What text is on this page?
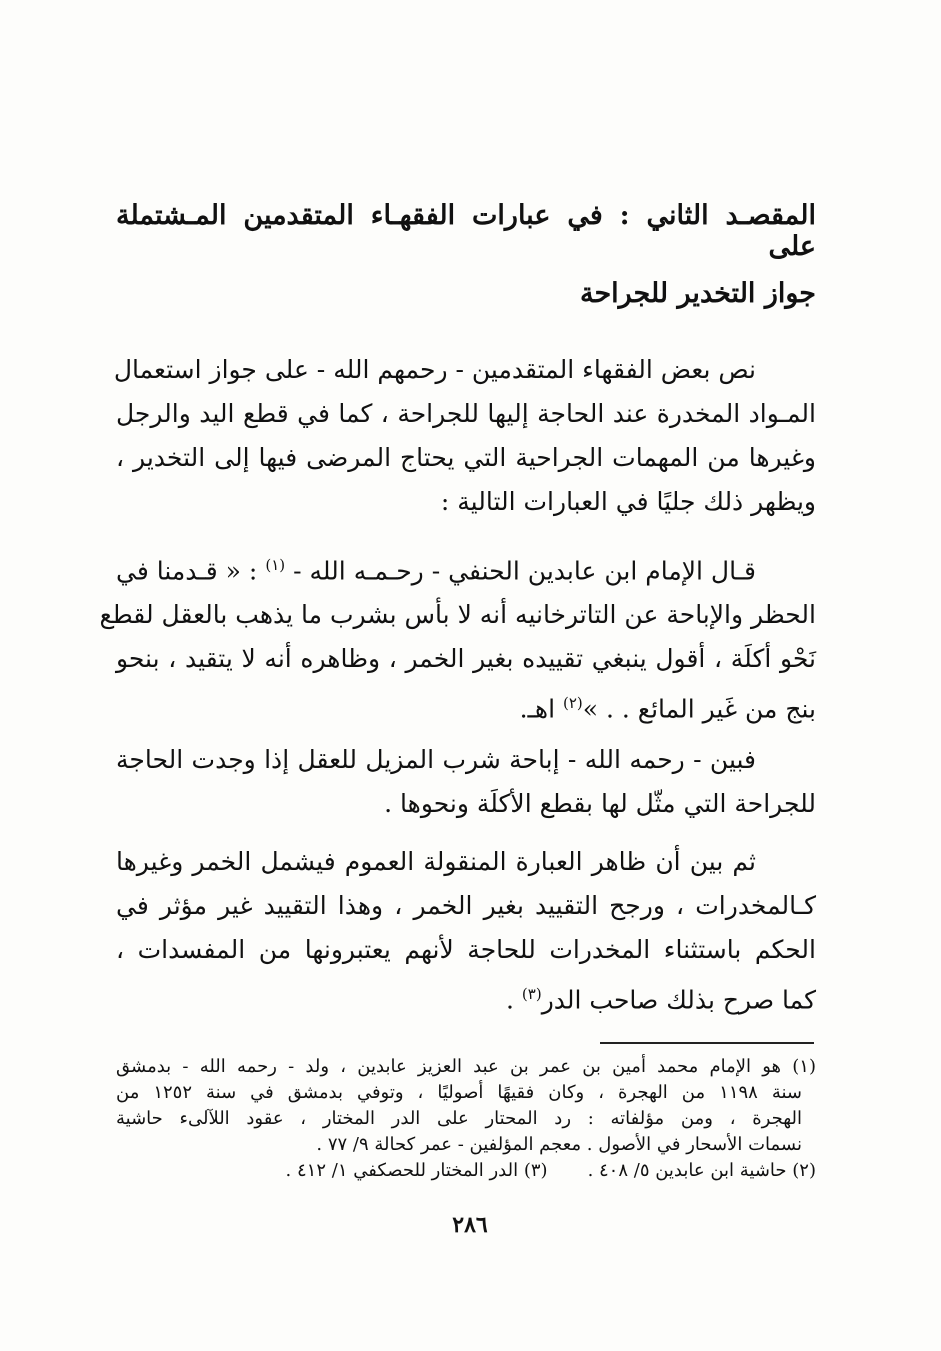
المقصـد الثاني : في عبارات الفقهـاء المتقدمين المـشتملة على
جواز التخدير للجراحة
نص بعض الفقهاء المتقدمين - رحمهم الله - على جواز استعمال
المـواد المخدرة عند الحاجة إليها للجراحة ، كما في قطع اليد والرجل
وغيرها من المهمات الجراحية التي يحتاج المرضى فيها إلى التخدير ،
ويظهر ذلك جليًا في العبارات التالية :
قـال الإمام ابن عابدين الحنفي - رحـمـه الله - $^{(١)}$ : « قـدمنا في
الحظر والإباحة عن التاترخانيه أنه لا بأس بشرب ما يذهب بالعقل لقطع
نَحْو أكلَة ، أقول ينبغي تقييده بغير الخمر ، وظاهره أنه لا يتقيد ، بنحو
بنج من غَير المائع . . »$^{(٢)}$ اهـ.
فبين - رحمه الله - إباحة شرب المزيل للعقل إذا وجدت الحاجة
للجراحة التي مثّل لها بقطع الأكلَة ونحوها .
ثم بين أن ظاهر العبارة المنقولة العموم فيشمل الخمر وغيرها
كـالمخدرات ، ورجح التقييد بغير الخمر ، وهذا التقييد غير مؤثر في
الحكم باستثناء المخدرات للحاجة لأنهم يعتبرونها من المفسدات ،
كما صرح بذلك صاحب الدر$^{(٣)}$ .
(١) هو الإمام محمد أمين بن عمر بن عبد العزيز عابدين ، ولد - رحمه الله - بدمشق
سنة ١١٩٨ من الهجرة ، وكان فقيهًا أصوليًا ، وتوفي بدمشق في سنة ١٢٥٢ من
الهجرة ، ومن مؤلفاته : رد المحتار على الدر المختار ، عقود اللآلىء حاشية
نسمات الأسحار في الأصول . معجم المؤلفين - عمر كحالة ٩/ ٧٧ .
(٢) حاشية ابن عابدين ٥/ ٤٠٨ .
(٣) الدر المختار للحصكفي ١/ ٤١٢ .
٢٨٦
